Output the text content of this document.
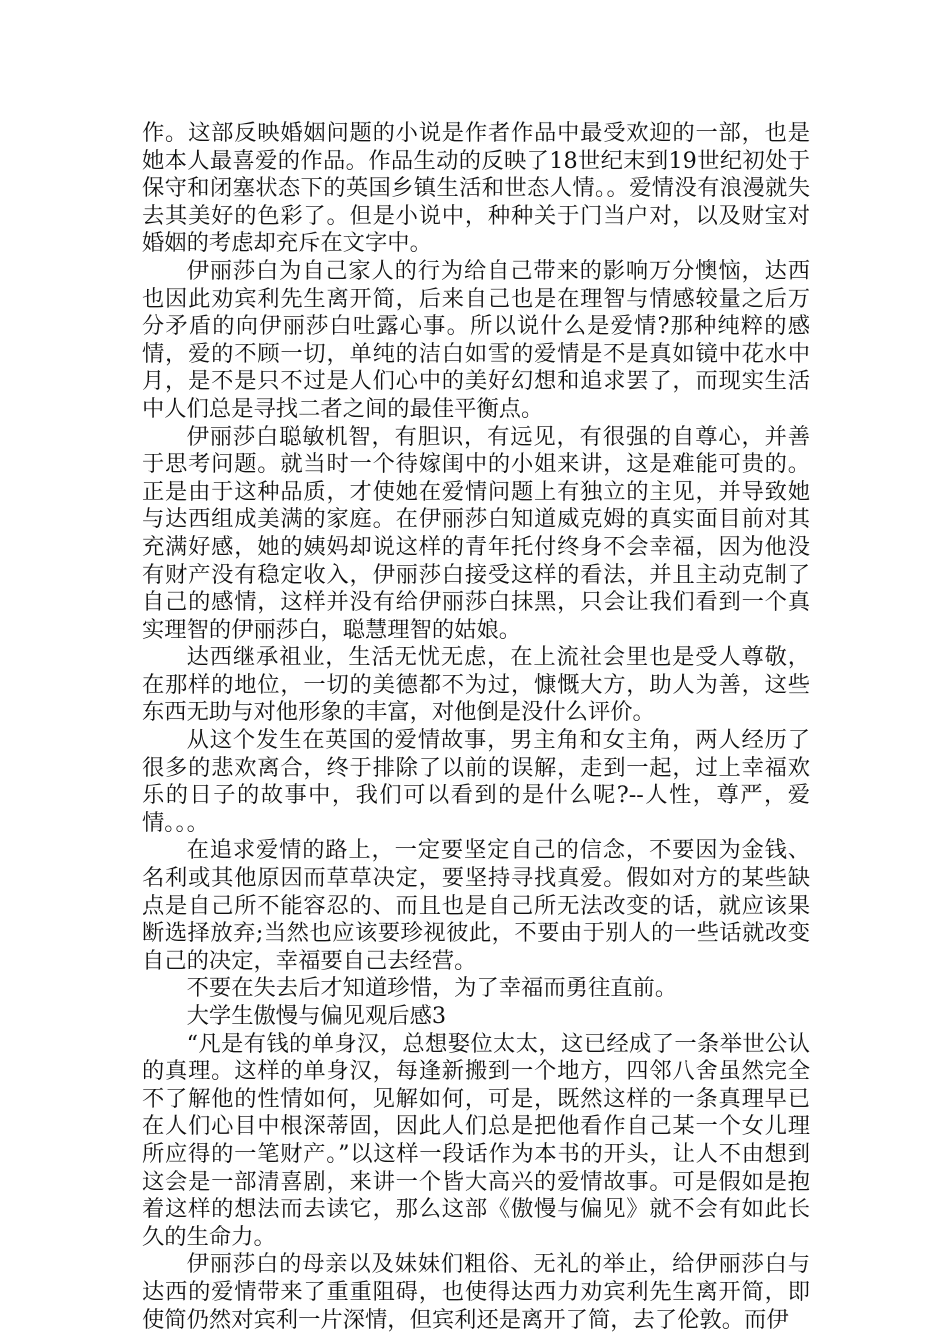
作。这部反映婚姻问题的小说是作者作品中最受欢迎的一部，也是她本人最喜爱的作品。作品生动的反映了18世纪末到19世纪初处于保守和闭塞状态下的英国乡镇生活和世态人情。。爱情没有浪漫就失去其美好的色彩了。但是小说中，种种关于门当户对，以及财宝对婚姻的考虑却充斥在文字中。

伊丽莎白为自己家人的行为给自己带来的影响万分懊恼，达西也因此劝宾利先生离开简，后来自己也是在理智与情感较量之后万分矛盾的向伊丽莎白吐露心事。所以说什么是爱情?那种纯粹的感情，爱的不顾一切，单纯的洁白如雪的爱情是不是真如镜中花水中月，是不是只不过是人们心中的美好幻想和追求罢了，而现实生活中人们总是寻找二者之间的最佳平衡点。

伊丽莎白聪敏机智，有胆识，有远见，有很强的自尊心，并善于思考问题。就当时一个待嫁闺中的小姐来讲，这是难能可贵的。正是由于这种品质，才使她在爱情问题上有独立的主见，并导致她与达西组成美满的家庭。在伊丽莎白知道威克姆的真实面目前对其充满好感，她的姨妈却说这样的青年托付终身不会幸福，因为他没有财产没有稳定收入，伊丽莎白接受这样的看法，并且主动克制了自己的感情，这样并没有给伊丽莎白抹黑，只会让我们看到一个真实理智的伊丽莎白，聪慧理智的姑娘。

达西继承祖业，生活无忧无虑，在上流社会里也是受人尊敬，在那样的地位，一切的美德都不为过，慷慨大方，助人为善，这些东西无助与对他形象的丰富，对他倒是没什么评价。

从这个发生在英国的爱情故事，男主角和女主角，两人经历了很多的悲欢离合，终于排除了以前的误解，走到一起，过上幸福欢乐的日子的故事中，我们可以看到的是什么呢?--人性，尊严，爱情。。。

在追求爱情的路上，一定要坚定自己的信念，不要因为金钱、名利或其他原因而草草决定，要坚持寻找真爱。假如对方的某些缺点是自己所不能容忍的、而且也是自己所无法改变的话，就应该果断选择放弃;当然也应该要珍视彼此，不要由于别人的一些话就改变自己的决定，幸福要自己去经营。

不要在失去后才知道珍惜，为了幸福而勇往直前。

大学生傲慢与偏见观后感3

“凡是有钱的单身汉，总想娶位太太，这已经成了一条举世公认的真理。这样的单身汉，每逢新搬到一个地方，四邻八舍虽然完全不了解他的性情如何，见解如何，可是，既然这样的一条真理早已在人们心目中根深蒂固，因此人们总是把他看作自己某一个女儿理所应得的一笔财产。”以这样一段话作为本书的开头，让人不由想到这会是一部清喜剧，来讲一个皆大高兴的爱情故事。可是假如是抱着这样的想法而去读它，那么这部《傲慢与偏见》就不会有如此长久的生命力。

伊丽莎白的母亲以及妹妹们粗俗、无礼的举止，给伊丽莎白与达西的爱情带来了重重阻碍，也使得达西力劝宾利先生离开简，即使简仍然对宾利一片深情，但宾利还是离开了简，去了伦敦。而伊
